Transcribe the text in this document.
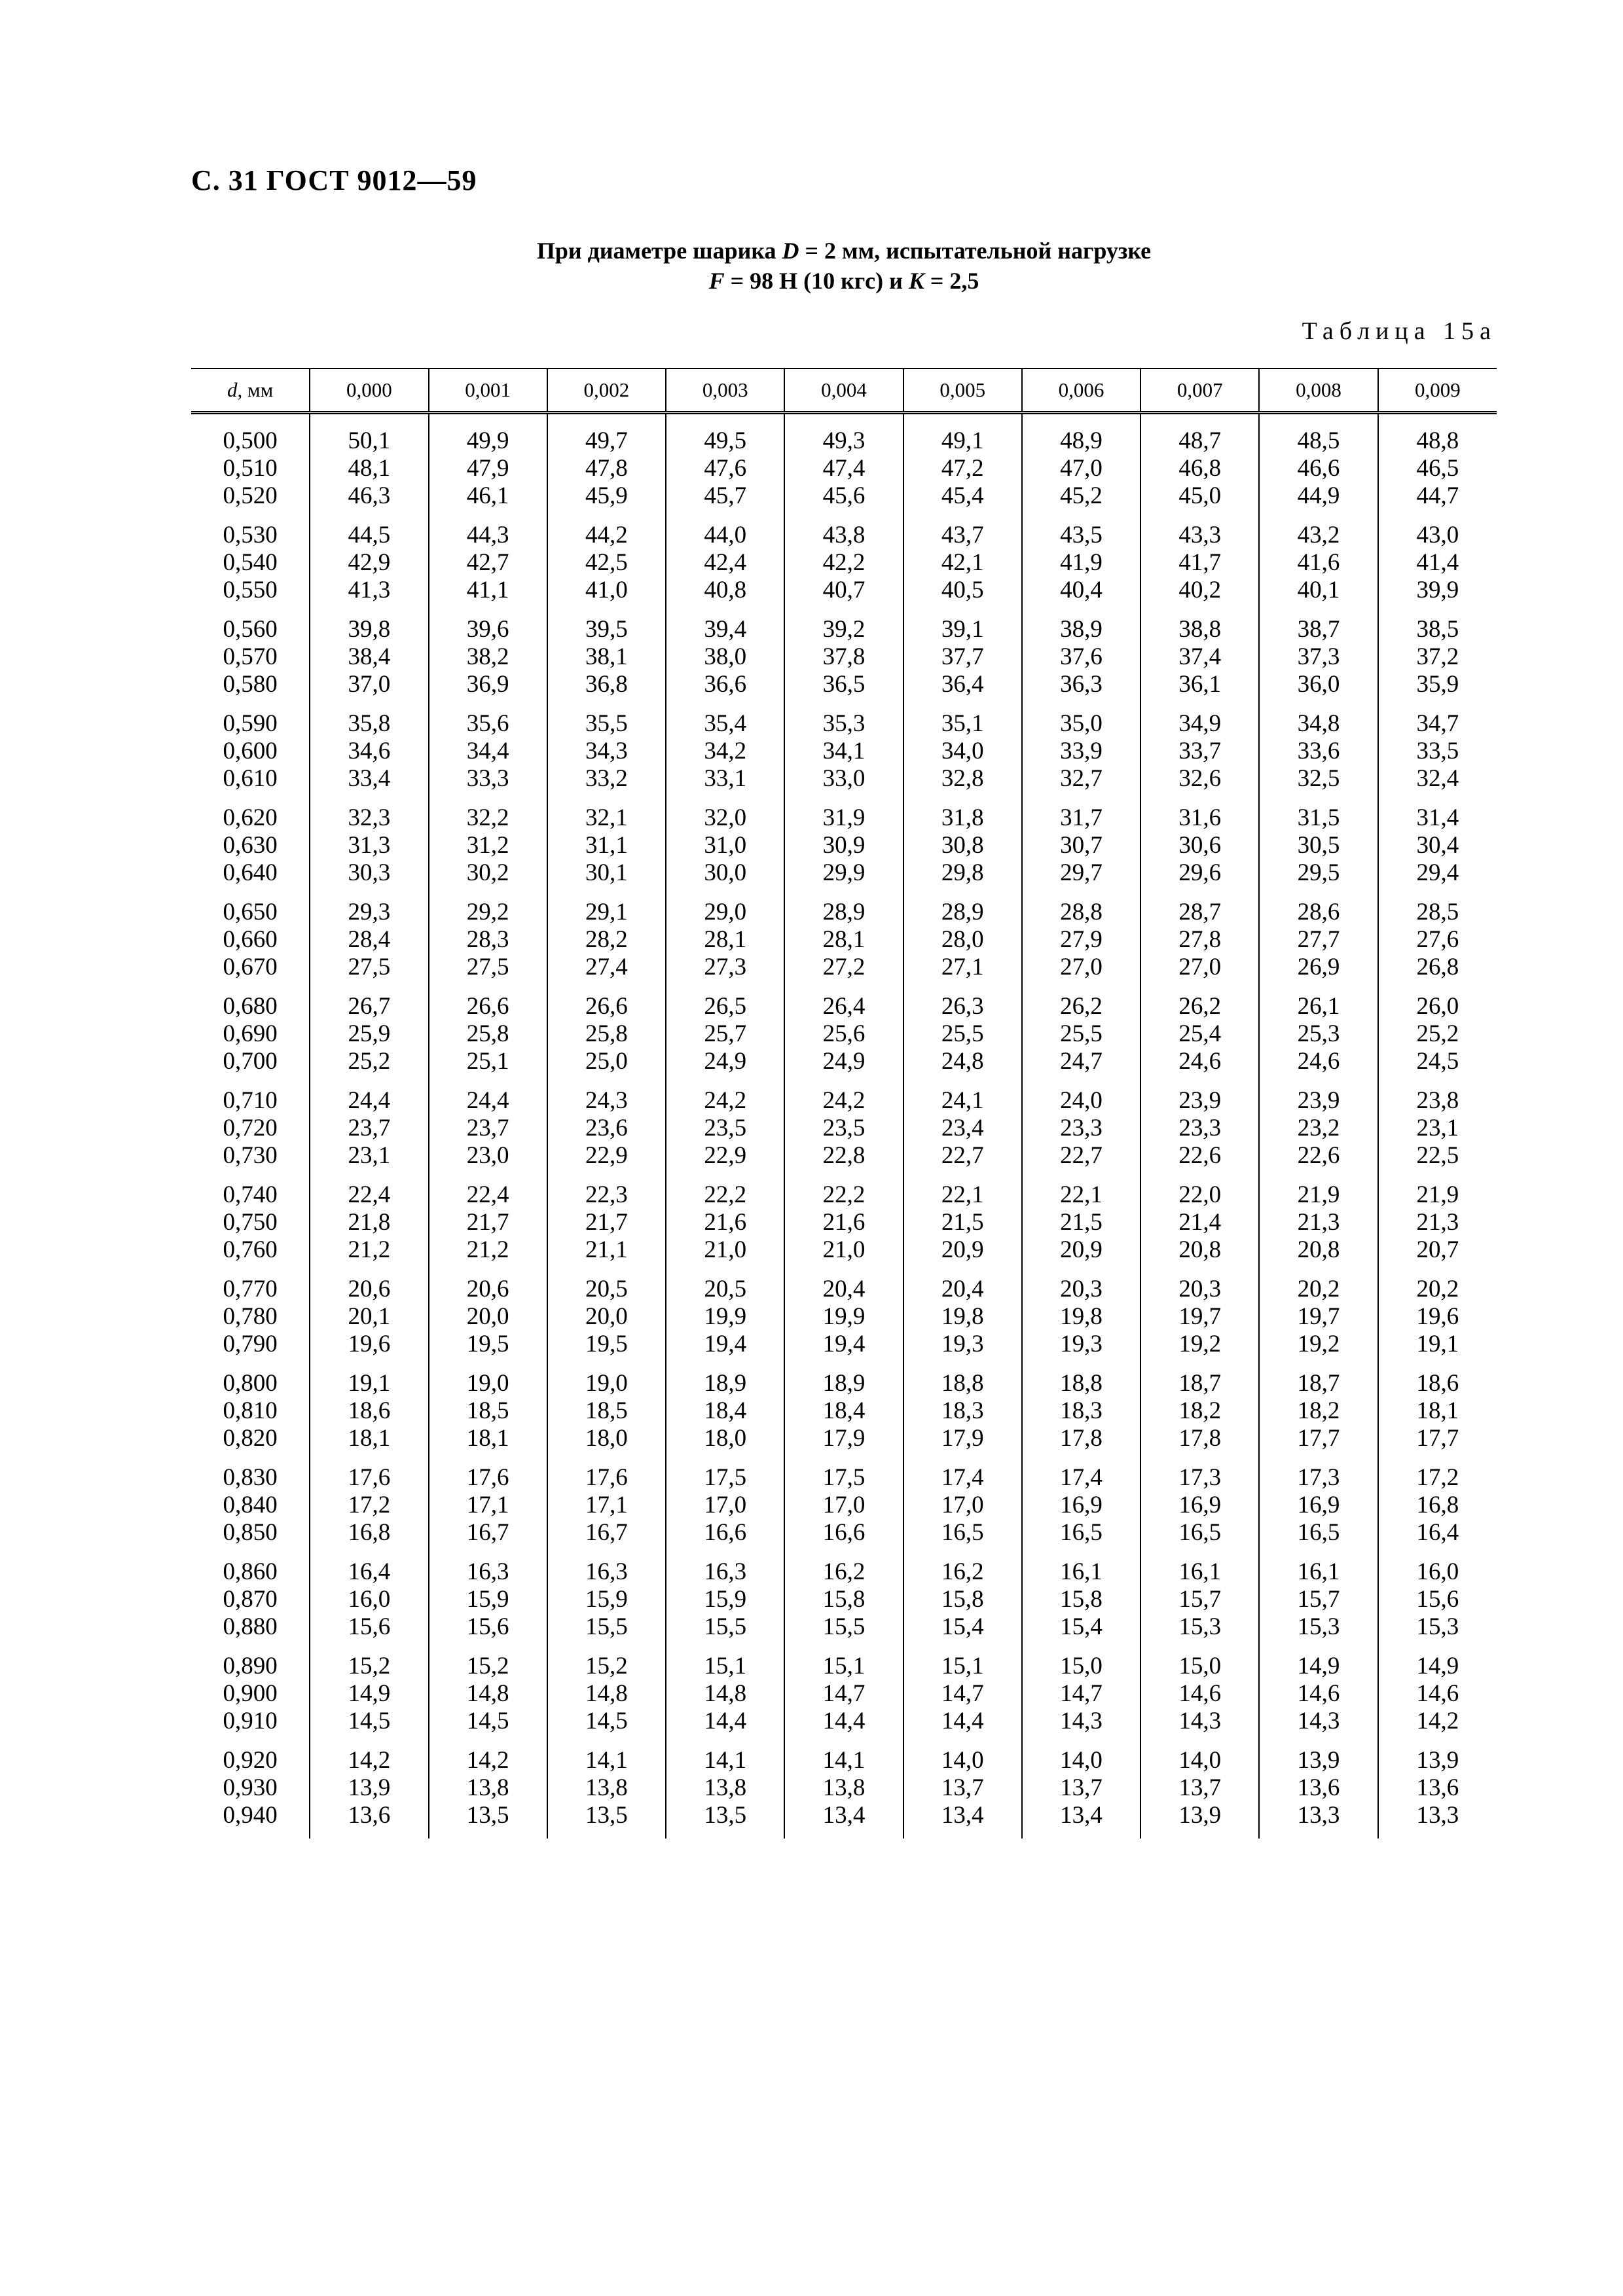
С. 31 ГОСТ 9012—59
При диаметре шарика D = 2 мм, испытательной нагрузке
F = 98 Н (10 кгс) и K = 2,5
Таблица 15а
d, мм	0,000	0,001	0,002	0,003	0,004	0,005	0,006	0,007	0,008	0,009
0,500	50,1	49,9	49,7	49,5	49,3	49,1	48,9	48,7	48,5	48,8
0,510	48,1	47,9	47,8	47,6	47,4	47,2	47,0	46,8	46,6	46,5
0,520	46,3	46,1	45,9	45,7	45,6	45,4	45,2	45,0	44,9	44,7

0,530	44,5	44,3	44,2	44,0	43,8	43,7	43,5	43,3	43,2	43,0
0,540	42,9	42,7	42,5	42,4	42,2	42,1	41,9	41,7	41,6	41,4
0,550	41,3	41,1	41,0	40,8	40,7	40,5	40,4	40,2	40,1	39,9

0,560	39,8	39,6	39,5	39,4	39,2	39,1	38,9	38,8	38,7	38,5
0,570	38,4	38,2	38,1	38,0	37,8	37,7	37,6	37,4	37,3	37,2
0,580	37,0	36,9	36,8	36,6	36,5	36,4	36,3	36,1	36,0	35,9

0,590	35,8	35,6	35,5	35,4	35,3	35,1	35,0	34,9	34,8	34,7
0,600	34,6	34,4	34,3	34,2	34,1	34,0	33,9	33,7	33,6	33,5
0,610	33,4	33,3	33,2	33,1	33,0	32,8	32,7	32,6	32,5	32,4

0,620	32,3	32,2	32,1	32,0	31,9	31,8	31,7	31,6	31,5	31,4
0,630	31,3	31,2	31,1	31,0	30,9	30,8	30,7	30,6	30,5	30,4
0,640	30,3	30,2	30,1	30,0	29,9	29,8	29,7	29,6	29,5	29,4

0,650	29,3	29,2	29,1	29,0	28,9	28,9	28,8	28,7	28,6	28,5
0,660	28,4	28,3	28,2	28,1	28,1	28,0	27,9	27,8	27,7	27,6
0,670	27,5	27,5	27,4	27,3	27,2	27,1	27,0	27,0	26,9	26,8

0,680	26,7	26,6	26,6	26,5	26,4	26,3	26,2	26,2	26,1	26,0
0,690	25,9	25,8	25,8	25,7	25,6	25,5	25,5	25,4	25,3	25,2
0,700	25,2	25,1	25,0	24,9	24,9	24,8	24,7	24,6	24,6	24,5

0,710	24,4	24,4	24,3	24,2	24,2	24,1	24,0	23,9	23,9	23,8
0,720	23,7	23,7	23,6	23,5	23,5	23,4	23,3	23,3	23,2	23,1
0,730	23,1	23,0	22,9	22,9	22,8	22,7	22,7	22,6	22,6	22,5

0,740	22,4	22,4	22,3	22,2	22,2	22,1	22,1	22,0	21,9	21,9
0,750	21,8	21,7	21,7	21,6	21,6	21,5	21,5	21,4	21,3	21,3
0,760	21,2	21,2	21,1	21,0	21,0	20,9	20,9	20,8	20,8	20,7

0,770	20,6	20,6	20,5	20,5	20,4	20,4	20,3	20,3	20,2	20,2
0,780	20,1	20,0	20,0	19,9	19,9	19,8	19,8	19,7	19,7	19,6
0,790	19,6	19,5	19,5	19,4	19,4	19,3	19,3	19,2	19,2	19,1

0,800	19,1	19,0	19,0	18,9	18,9	18,8	18,8	18,7	18,7	18,6
0,810	18,6	18,5	18,5	18,4	18,4	18,3	18,3	18,2	18,2	18,1
0,820	18,1	18,1	18,0	18,0	17,9	17,9	17,8	17,8	17,7	17,7

0,830	17,6	17,6	17,6	17,5	17,5	17,4	17,4	17,3	17,3	17,2
0,840	17,2	17,1	17,1	17,0	17,0	17,0	16,9	16,9	16,9	16,8
0,850	16,8	16,7	16,7	16,6	16,6	16,5	16,5	16,5	16,5	16,4

0,860	16,4	16,3	16,3	16,3	16,2	16,2	16,1	16,1	16,1	16,0
0,870	16,0	15,9	15,9	15,9	15,8	15,8	15,8	15,7	15,7	15,6
0,880	15,6	15,6	15,5	15,5	15,5	15,4	15,4	15,3	15,3	15,3

0,890	15,2	15,2	15,2	15,1	15,1	15,1	15,0	15,0	14,9	14,9
0,900	14,9	14,8	14,8	14,8	14,7	14,7	14,7	14,6	14,6	14,6
0,910	14,5	14,5	14,5	14,4	14,4	14,4	14,3	14,3	14,3	14,2

0,920	14,2	14,2	14,1	14,1	14,1	14,0	14,0	14,0	13,9	13,9
0,930	13,9	13,8	13,8	13,8	13,8	13,7	13,7	13,7	13,6	13,6
0,940	13,6	13,5	13,5	13,5	13,4	13,4	13,4	13,9	13,3	13,3
